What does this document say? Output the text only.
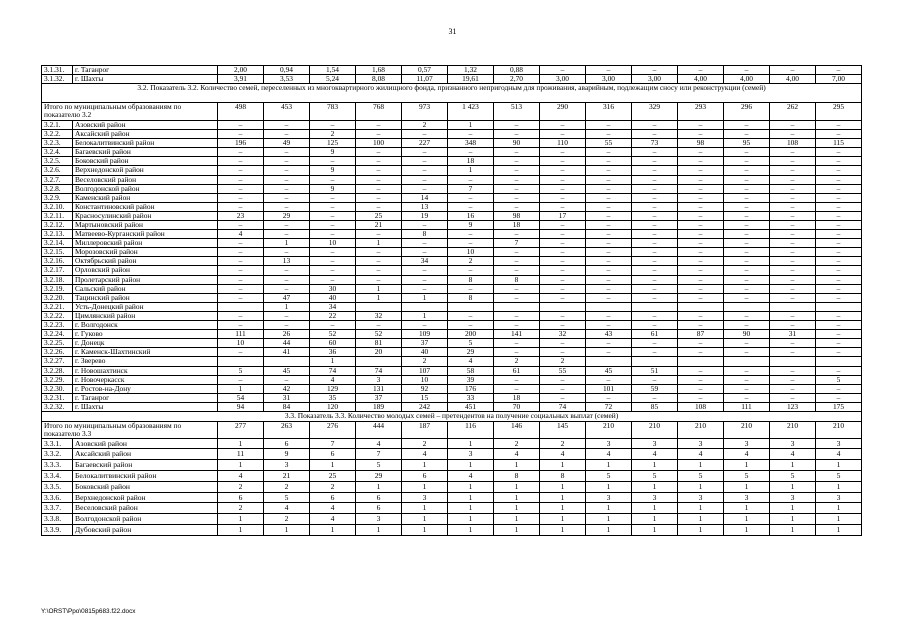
31
3.1.31.	г. Таганрог	2,00	0,94	1,54	1,68	0,57	1,32	0,88	–	–	–	–	–	–	–
3.1.32.	г. Шахты	3,91	3,53	5,24	8,08	11,07	19,61	2,70	3,00	3,00	3,00	4,00	4,00	4,00	7,00
3.2. Показатель 3.2. Количество семей, переселенных из многоквартирного жилищного фонда, признанного непригодным для проживания, аварийным, подлежащим сносу или реконструкции (семей)															
Итого по муниципальным образованиям по показателю 3.2		498	453	783	768	973	1 423	513	290	316	329	293	296	262	295
3.2.1.	Азовский район	–	–	–	–	2	1	–	–	–	–	–	–	–	–
3.2.2.	Аксайский район	–	–	2	–	–	–	–	–	–	–	–	–	–	–
3.2.3.	Белокалитвинский район	196	49	125	100	227	348	90	110	55	73	98	95	108	115
3.2.4.	Багаевский район	–	–	9	–	–	–	–	–	–	–	–	–	–	–
3.2.5.	Боковский район	–	–	–	–	–	18	–	–	–	–	–	–	–	–
3.2.6.	Верхнедонской район	–	–	9	–	–	1	–	–	–	–	–	–	–	–
3.2.7.	Веселовский район	–	–	–	–	–	–	–	–	–	–	–	–	–	–
3.2.8.	Волгодонской район	–	–	9	–	–	7	–	–	–	–	–	–	–	–
3.2.9.	Каменский район	–	–	–	–	14	–	–	–	–	–	–	–	–	–
3.2.10.	Константиновский район	–	–	–	–	13	–	–	–	–	–	–	–	–	–
3.2.11.	Красносулинский район	23	29	–	25	19	16	98	17	–	–	–	–	–	–
3.2.12.	Мартыновский район	–	–	–	21	–	9	18	–	–	–	–	–	–	–
3.2.13.	Матвеево-Курганский район	4	–	–	–	8	–	–	–	–	–	–	–	–	–
3.2.14.	Миллеровский район	–	1	10	1	–	–	7	–	–	–	–	–	–	–
3.2.15.	Морозовский район	–	–	–	–	–	10	–	–	–	–	–	–	–	–
3.2.16.	Октябрьский район	–	13	–	–	34	2	–	–	–	–	–	–	–	–
3.2.17.	Орловский район	–	–	–	–	–	–	–	–	–	–	–	–	–	–
3.2.18.	Пролетарский район	–	–	–	–	–	8	8	–	–	–	–	–	–	–
3.2.19.	Сальский район	–	–	30	1	–	–	–	–	–	–	–	–	–	–
3.2.20.	Тацинский район	–	47	40	1	1	8	–	–	–	–	–	–	–	–
3.2.21.	Усть-Донецкий район		1	34											
3.2.22.	Цимлянский район	–	–	22	32	1	–	–	–	–	–	–	–	–	–
3.2.23.	г. Волгодонск	–	–	–	–	–	–	–	–	–	–	–	–	–	–
3.2.24.	г. Гуково	111	26	52	52	109	200	141	32	43	61	87	90	31	–
3.2.25.	г. Донецк	10	44	60	81	37	5	–	–	–	–	–	–	–	–
3.2.26.	г. Каменск-Шахтинский	–	41	36	20	40	29	–	–	–	–	–	–	–	–
3.2.27.	г. Зверево			1		2	4	2	2						
3.2.28.	г. Новошахтинск	5	45	74	74	107	58	61	55	45	51	–	–	–	–
3.2.29.	г. Новочеркасск	–	–	4	3	10	39	–	–	–	–	–	–	–	5
3.2.30.	г. Ростов-на-Дону	1	42	129	131	92	176	–	–	101	59	–	–	–	–
3.2.31.	г. Таганрог	54	31	35	37	15	33	18	–	–	–	–	–	–	–
3.2.32.	г. Шахты	94	84	120	189	242	451	70	74	72	85	108	111	123	175
3.3. Показатель 3.3. Количество молодых семей – претендентов на получение социальных выплат (семей)															
Итого по муниципальным образованиям по показателю 3.3		277	263	276	444	187	116	146	145	210	210	210	210	210	210
3.3.1.	Азовский район	1	6	7	4	2	1	2	2	3	3	3	3	3	3
3.3.2.	Аксайский район	11	9	6	7	4	3	4	4	4	4	4	4	4	4
3.3.3.	Багаевский район	1	3	1	5	1	1	1	1	1	1	1	1	1	1
3.3.4.	Белокалитвинский район	4	21	25	29	6	4	8	8	5	5	5	5	5	5
3.3.5.	Боковский район	2	2	2	1	1	1	1	1	1	1	1	1	1	1
3.3.6.	Верхнедонской район	6	5	6	6	3	1	1	1	3	3	3	3	3	3
3.3.7.	Веселовский район	2	4	4	6	1	1	1	1	1	1	1	1	1	1
3.3.8.	Волгодонской район	1	2	4	3	1	1	1	1	1	1	1	1	1	1
3.3.9.	Дубовский район	1	1	1	1	1	1	1	1	1	1	1	1	1	1
Y:\ORST\Ppo\0815p683.f22.docx
